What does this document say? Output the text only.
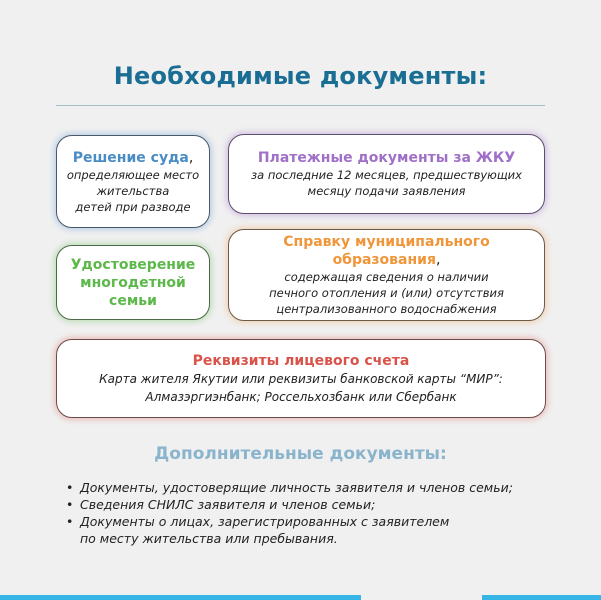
Необходимые документы:
Решение суда,
определяющее место
жительства
детей при разводе
Платежные документы за ЖКУ
за последние 12 месяцев, предшествующих
месяцу подачи заявления
Удостоверение
многодетной
семьи
Справку муниципального образования,
содержащая сведения о наличии
печного отопления и (или) отсутствия
централизованного водоснабжения
Реквизиты лицевого счета
Карта жителя Якутии или реквизиты банковской карты “МИР”:
Алмазэргиэнбанк; Россельхозбанк или Сбербанк
Дополнительные документы:
• Документы, удостоверящие личность заявителя и членов семьи;
• Сведения СНИЛС заявителя и членов семьи;
• Документы о лицах, зарегистрированных с заявителем
по месту жительства или пребывания.
